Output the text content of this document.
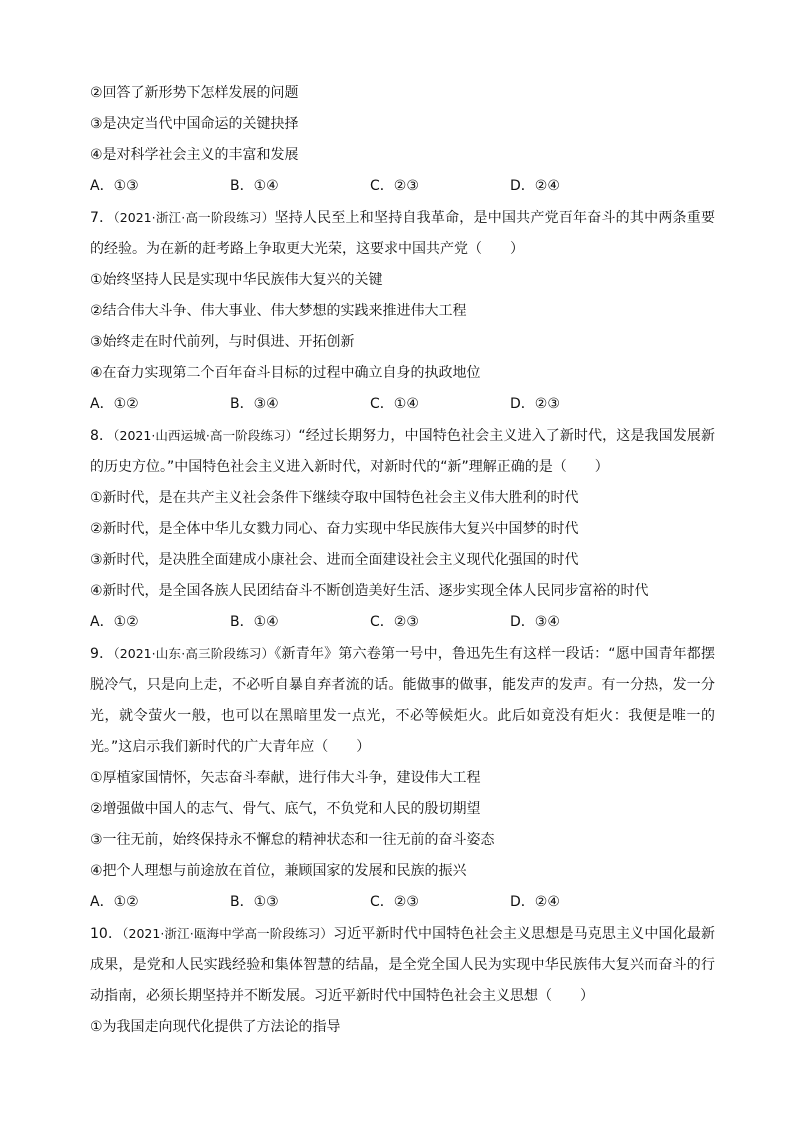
②回答了新形势下怎样发展的问题
③是决定当代中国命运的关键抉择
④是对科学社会主义的丰富和发展
A．①③	B．①④	C．②③	D．②④
7．（2021·浙江·高一阶段练习）坚持人民至上和坚持自我革命，是中国共产党百年奋斗的其中两条重要的经验。为在新的赶考路上争取更大光荣，这要求中国共产党（　　）
①始终坚持人民是实现中华民族伟大复兴的关键
②结合伟大斗争、伟大事业、伟大梦想的实践来推进伟大工程
③始终走在时代前列，与时俱进、开拓创新
④在奋力实现第二个百年奋斗目标的过程中确立自身的执政地位
A．①②	B．③④	C．①④	D．②③
8．（2021·山西运城·高一阶段练习）“经过长期努力，中国特色社会主义进入了新时代，这是我国发展新的历史方位。”中国特色社会主义进入新时代，对新时代的“新”理解正确的是（　　）
①新时代，是在共产主义社会条件下继续夺取中国特色社会主义伟大胜利的时代
②新时代，是全体中华儿女戮力同心、奋力实现中华民族伟大复兴中国梦的时代
③新时代，是决胜全面建成小康社会、进而全面建设社会主义现代化强国的时代
④新时代，是全国各族人民团结奋斗不断创造美好生活、逐步实现全体人民同步富裕的时代
A．①②	B．①④	C．②③	D．③④
9．（2021·山东·高三阶段练习）《新青年》第六卷第一号中，鲁迅先生有这样一段话：“愿中国青年都摆脱冷气，只是向上走，不必听自暴自弃者流的话。能做事的做事，能发声的发声。有一分热，发一分光，就令萤火一般，也可以在黑暗里发一点光，不必等候炬火。此后如竟没有炬火：我便是唯一的光。”这启示我们新时代的广大青年应（　　）
①厚植家国情怀，矢志奋斗奉献，进行伟大斗争，建设伟大工程
②增强做中国人的志气、骨气、底气，不负党和人民的殷切期望
③一往无前，始终保持永不懈怠的精神状态和一往无前的奋斗姿态
④把个人理想与前途放在首位，兼顾国家的发展和民族的振兴
A．①②	B．①③	C．②③	D．②④
10．（2021·浙江·瓯海中学高一阶段练习）习近平新时代中国特色社会主义思想是马克思主义中国化最新成果，是党和人民实践经验和集体智慧的结晶，是全党全国人民为实现中华民族伟大复兴而奋斗的行动指南，必须长期坚持并不断发展。习近平新时代中国特色社会主义思想（　　）
①为我国走向现代化提供了方法论的指导
